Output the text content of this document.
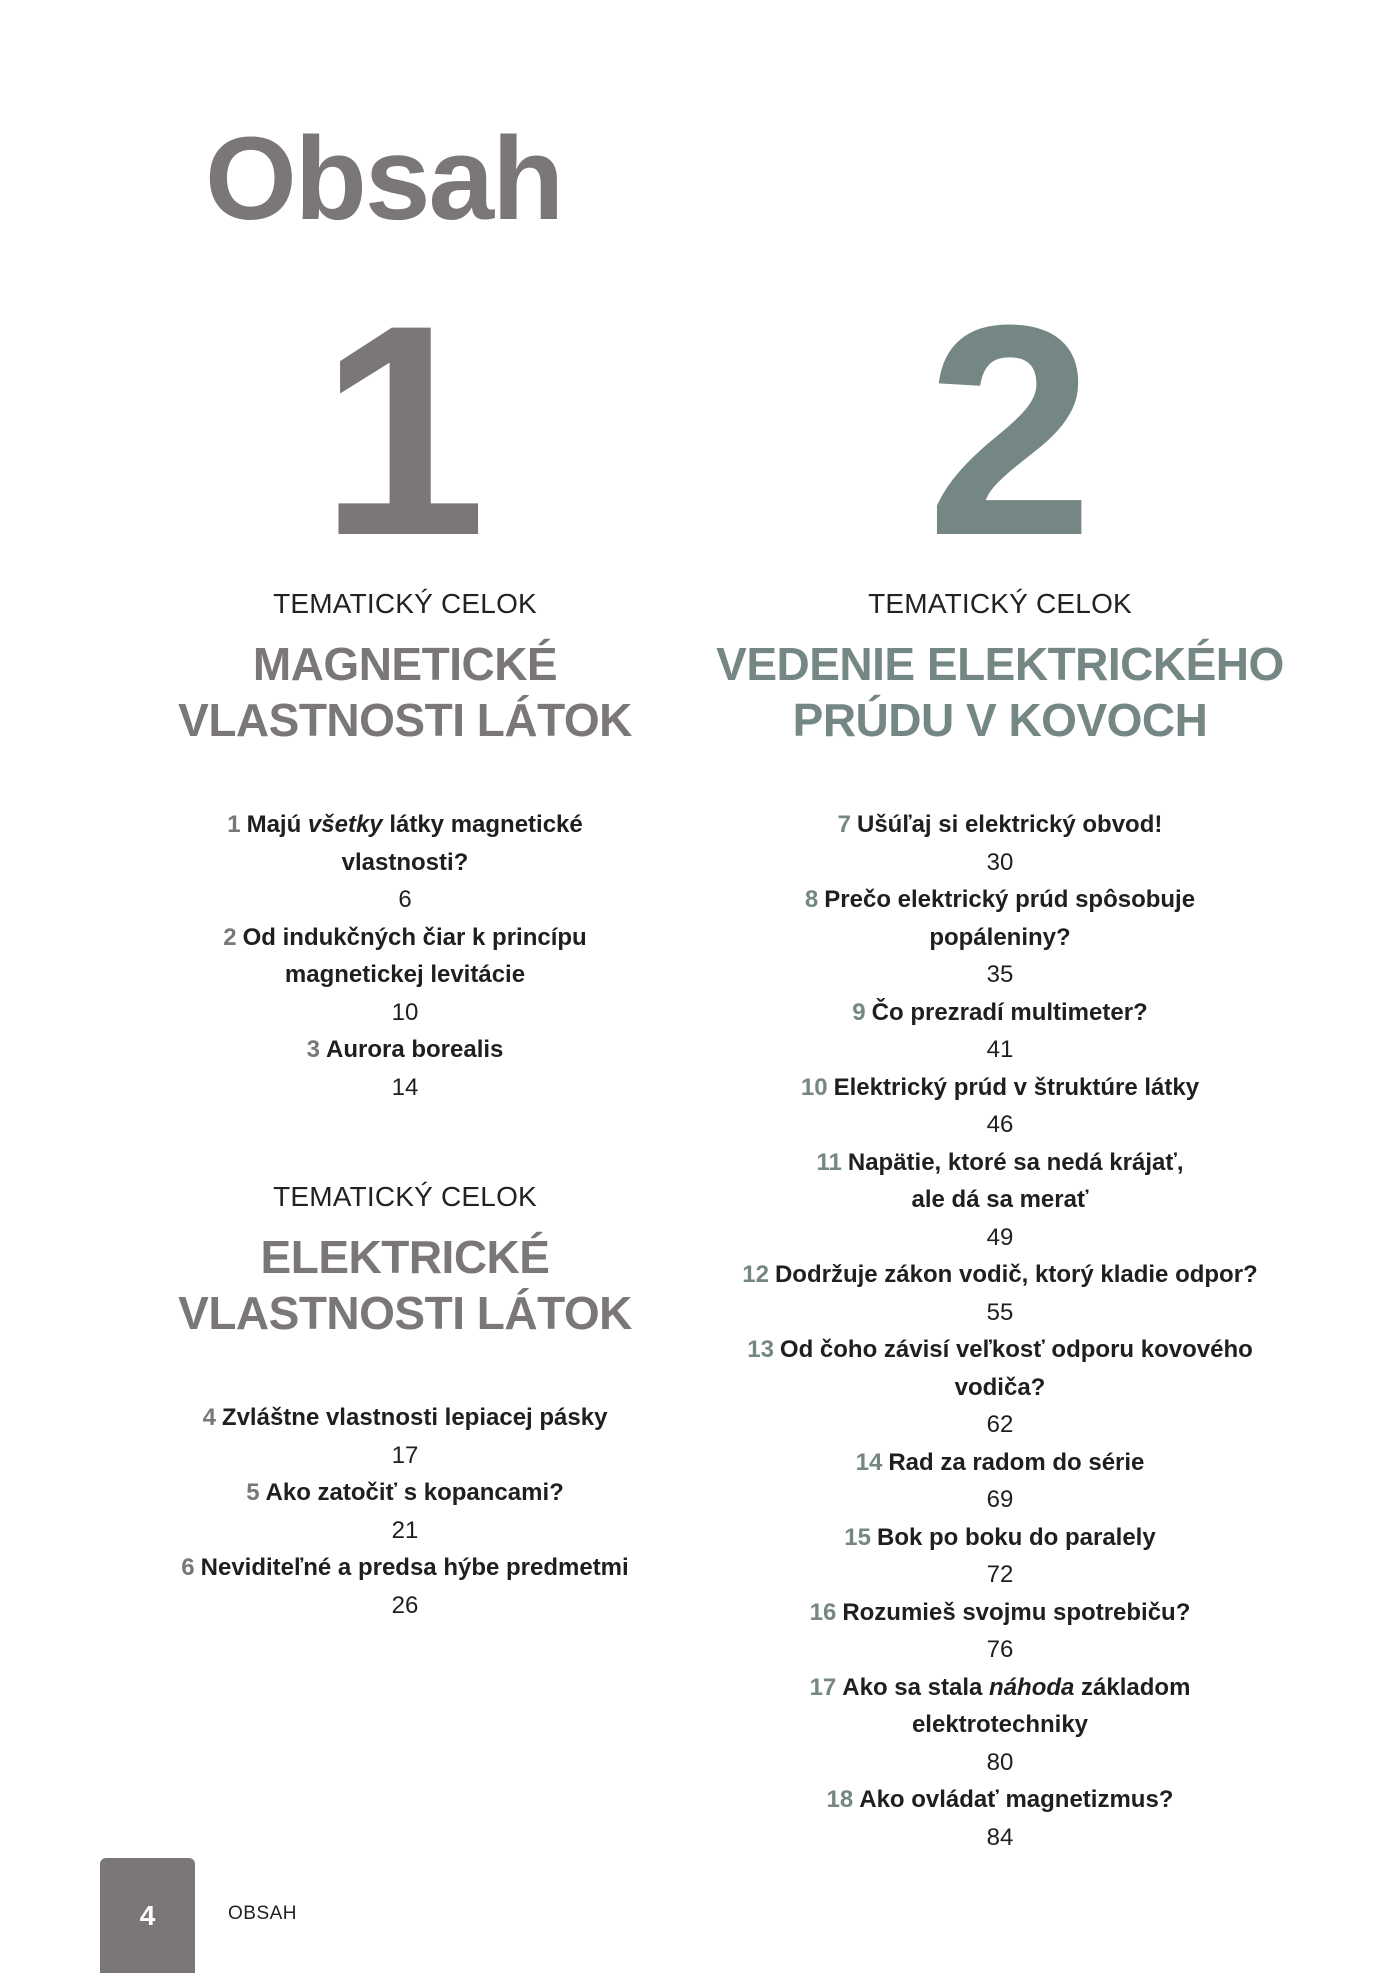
Obsah
1 2
TEMATICKÝ CELOK
MAGNETICKÉ
VLASTNOSTI LÁTOK
1 Majú všetky látky magnetické
vlastnosti?
6
2 Od indukčných čiar k princípu
magnetickej levitácie
10
3 Aurora borealis
14
TEMATICKÝ CELOK
ELEKTRICKÉ
VLASTNOSTI LÁTOK
4 Zvláštne vlastnosti lepiacej pásky
17
5 Ako zatočiť s kopancami?
21
6 Neviditeľné a predsa hýbe predmetmi
26
TEMATICKÝ CELOK
VEDENIE ELEKTRICKÉHO
PRÚDU V KOVOCH
7 Ušúľaj si elektrický obvod!
30
8 Prečo elektrický prúd spôsobuje
popáleniny?
35
9 Čo prezradí multimeter?
41
10 Elektrický prúd v štruktúre látky
46
11 Napätie, ktoré sa nedá krájať,
ale dá sa merať
49
12 Dodržuje zákon vodič, ktorý kladie odpor?
55
13 Od čoho závisí veľkosť odporu kovového
vodiča?
62
14 Rad za radom do série
69
15 Bok po boku do paralely
72
16 Rozumieš svojmu spotrebiču?
76
17 Ako sa stala náhoda základom
elektrotechniky
80
18 Ako ovládať magnetizmus?
84
4	OBSAH
